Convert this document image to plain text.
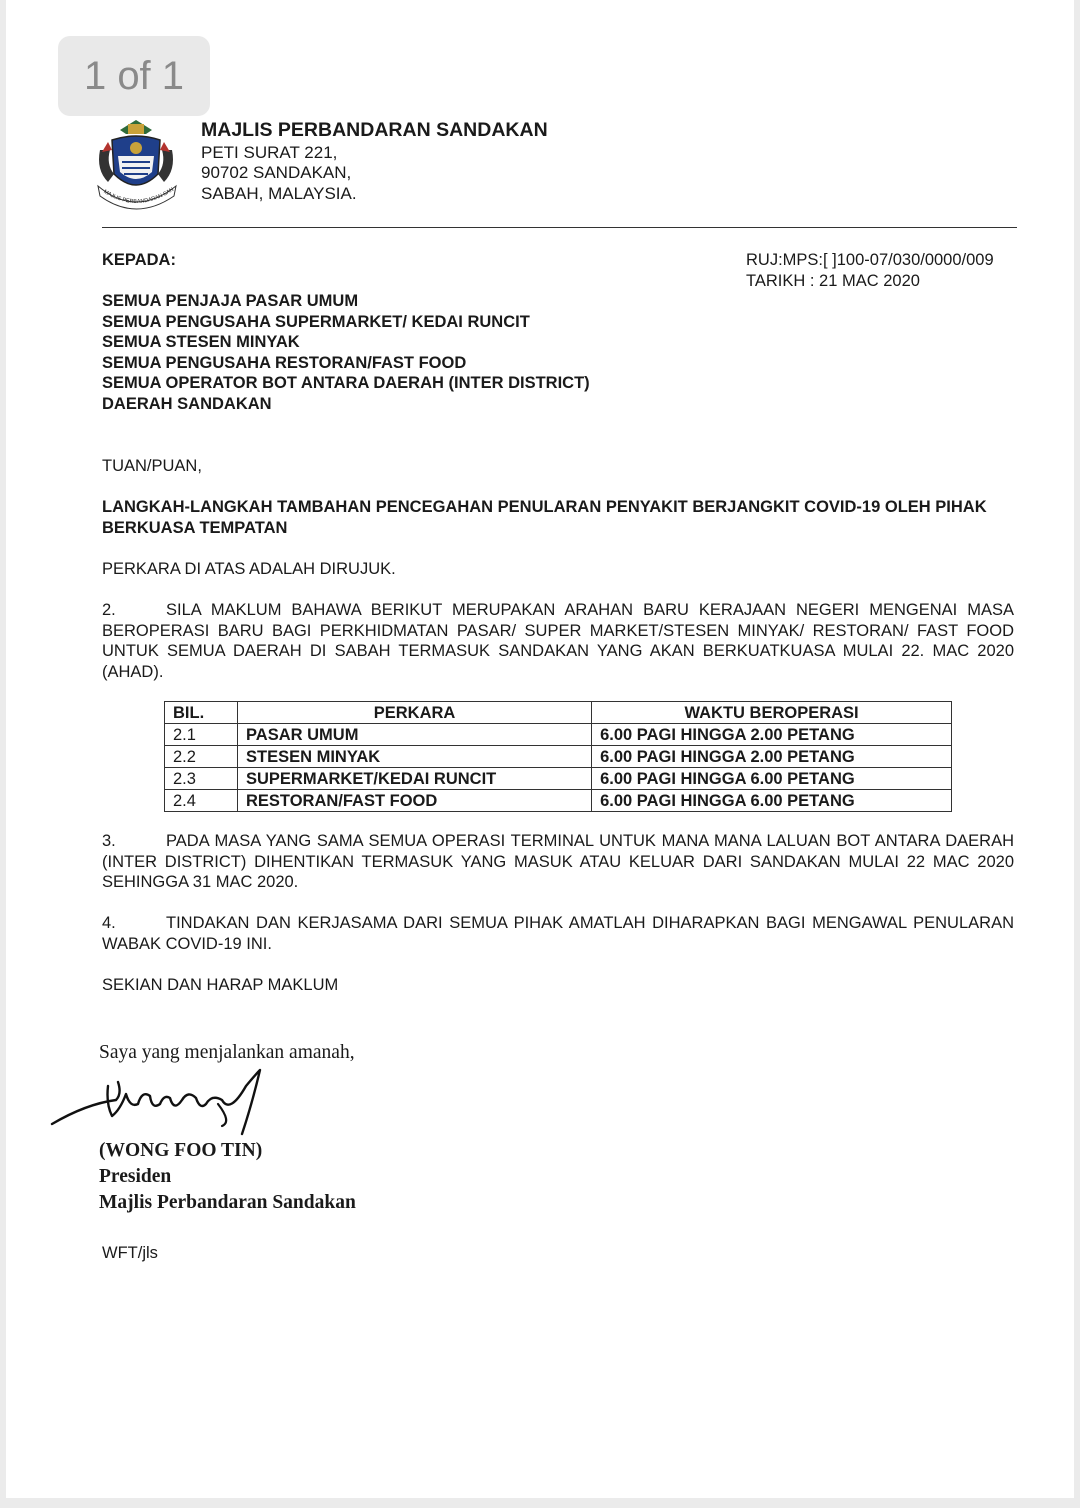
1 of 1
MAJLIS PERBANDARAN SAN
MAJLIS PERBANDARAN SANDAKAN
PETI SURAT 221,
90702 SANDAKAN,
SABAH, MALAYSIA.
KEPADA:	RUJ:MPS:[ ]100-07/030/0000/009
TARIKH : 21 MAC 2020
SEMUA PENJAJA PASAR UMUM
SEMUA PENGUSAHA SUPERMARKET/ KEDAI RUNCIT
SEMUA STESEN MINYAK
SEMUA PENGUSAHA RESTORAN/FAST FOOD
SEMUA OPERATOR BOT ANTARA DAERAH (INTER DISTRICT)
DAERAH SANDAKAN
TUAN/PUAN,
LANGKAH-LANGKAH TAMBAHAN PENCEGAHAN PENULARAN PENYAKIT BERJANGKIT COVID-19 OLEH PIHAK BERKUASA TEMPATAN
PERKARA DI ATAS ADALAH DIRUJUK.
2.	SILA MAKLUM BAHAWA BERIKUT MERUPAKAN ARAHAN BARU KERAJAAN NEGERI MENGENAI MASA BEROPERASI BARU BAGI PERKHIDMATAN PASAR/ SUPER MARKET/STESEN MINYAK/ RESTORAN/ FAST FOOD UNTUK SEMUA DAERAH DI SABAH TERMASUK SANDAKAN YANG AKAN BERKUATKUASA MULAI 22. MAC 2020 (AHAD).
BIL.	PERKARA	WAKTU BEROPERASI
2.1	PASAR UMUM	6.00 PAGI HINGGA 2.00 PETANG
2.2	STESEN MINYAK	6.00 PAGI HINGGA 2.00 PETANG
2.3	SUPERMARKET/KEDAI RUNCIT	6.00 PAGI HINGGA 6.00 PETANG
2.4	RESTORAN/FAST FOOD	6.00 PAGI HINGGA 6.00 PETANG
3.	PADA MASA YANG SAMA SEMUA OPERASI TERMINAL UNTUK MANA MANA LALUAN BOT ANTARA DAERAH (INTER DISTRICT) DIHENTIKAN TERMASUK YANG MASUK ATAU KELUAR DARI SANDAKAN MULAI 22 MAC 2020 SEHINGGA 31 MAC 2020.
4.	TINDAKAN DAN KERJASAMA DARI SEMUA PIHAK AMATLAH DIHARAPKAN BAGI MENGAWAL PENULARAN WABAK COVID-19 INI.
SEKIAN DAN HARAP MAKLUM
Saya yang menjalankan amanah,
(WONG FOO TIN)
Presiden
Majlis Perbandaran Sandakan
WFT/jls
